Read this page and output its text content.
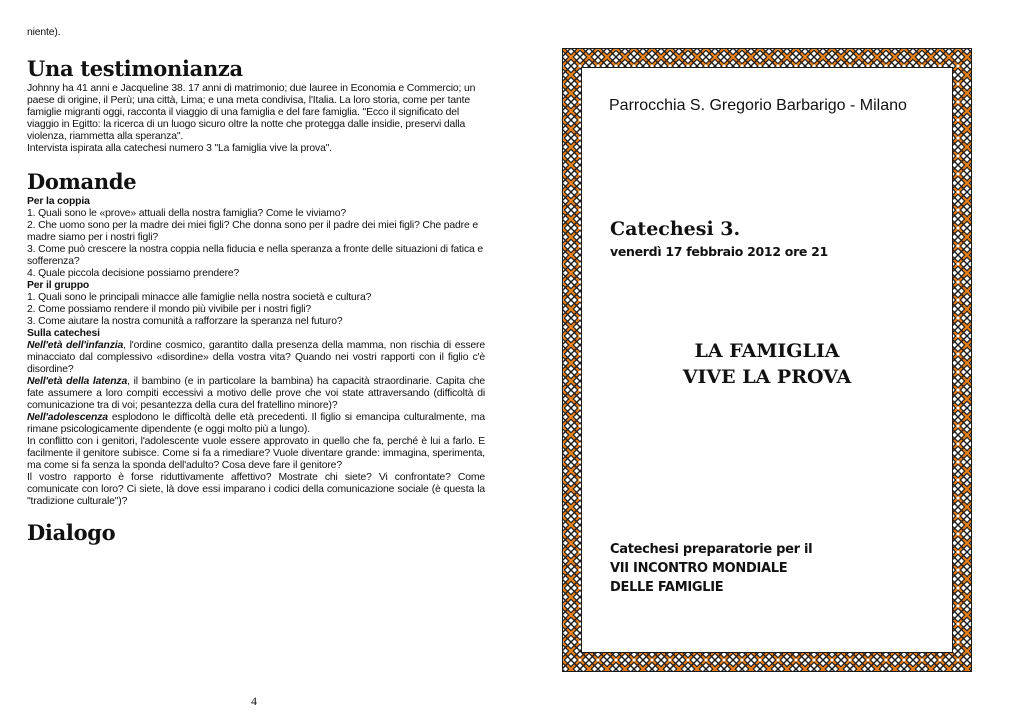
niente).

Una testimonianza

Johnny ha 41 anni e Jacqueline 38. 17 anni di matrimonio; due lauree in Economia e Commercio; un paese di origine, il Perù; una città, Lima; e una meta condivisa, l'Italia. La loro storia, come per tante famiglie migranti oggi, racconta il viaggio di una famiglia e del fare famiglia. "Ecco il significato del viaggio in Egitto: la ricerca di un luogo sicuro oltre la notte che protegga dalle insidie, preservi dalla violenza, riammetta alla speranza".

Intervista ispirata alla catechesi numero 3 "La famiglia vive la prova".

Domande

Per la coppia

1. Quali sono le «prove» attuali della nostra famiglia? Come le viviamo?

2. Che uomo sono per la madre dei miei figli? Che donna sono per il padre dei miei figli? Che padre e madre siamo per i nostri figli?

3. Come può crescere la nostra coppia nella fiducia e nella speranza a fronte delle situazioni di fatica e sofferenza?

4. Quale piccola decisione possiamo prendere?

Per il gruppo

1. Quali sono le principali minacce alle famiglie nella nostra società e cultura?

2. Come possiamo rendere il mondo più vivibile per i nostri figli?

3. Come aiutare la nostra comunità a rafforzare la speranza nel futuro?

Sulla catechesi

Nell'età dell'infanzia, l'ordine cosmico, garantito dalla presenza della mamma, non rischia di essere minacciato dal complessivo «disordine» della vostra vita? Quando nei vostri rapporti con il figlio c'è disordine?

Nell'età della latenza, il bambino (e in particolare la bambina) ha capacità straordinarie. Capita che fate assumere a loro compiti eccessivi a motivo delle prove che voi state attraversando (difficoltà di comunicazione tra di voi; pesantezza della cura del fratellino minore)?

Nell'adolescenza esplodono le difficoltà delle età precedenti. Il figlio si emancipa culturalmente, ma rimane psicologicamente dipendente (e oggi molto più a lungo).

In conflitto con i genitori, l'adolescente vuole essere approvato in quello che fa, perché è lui a farlo. E facilmente il genitore subisce. Come si fa a rimediare? Vuole diventare grande: immagina, sperimenta, ma come si fa senza la sponda dell'adulto? Cosa deve fare il genitore?

Il vostro rapporto è forse riduttivamente affettivo? Mostrate chi siete? Vi confrontate? Come comunicate con loro? Ci siete, là dove essi imparano i codici della comunicazione sociale (è questa la "tradizione culturale")?

Dialogo
4
Parrocchia S. Gregorio Barbarigo - Milano
Catechesi 3.
venerdì 17 febbraio 2012 ore 21
LA FAMIGLIA
VIVE LA PROVA
Catechesi preparatorie per il
VII INCONTRO MONDIALE
DELLE FAMIGLIE
